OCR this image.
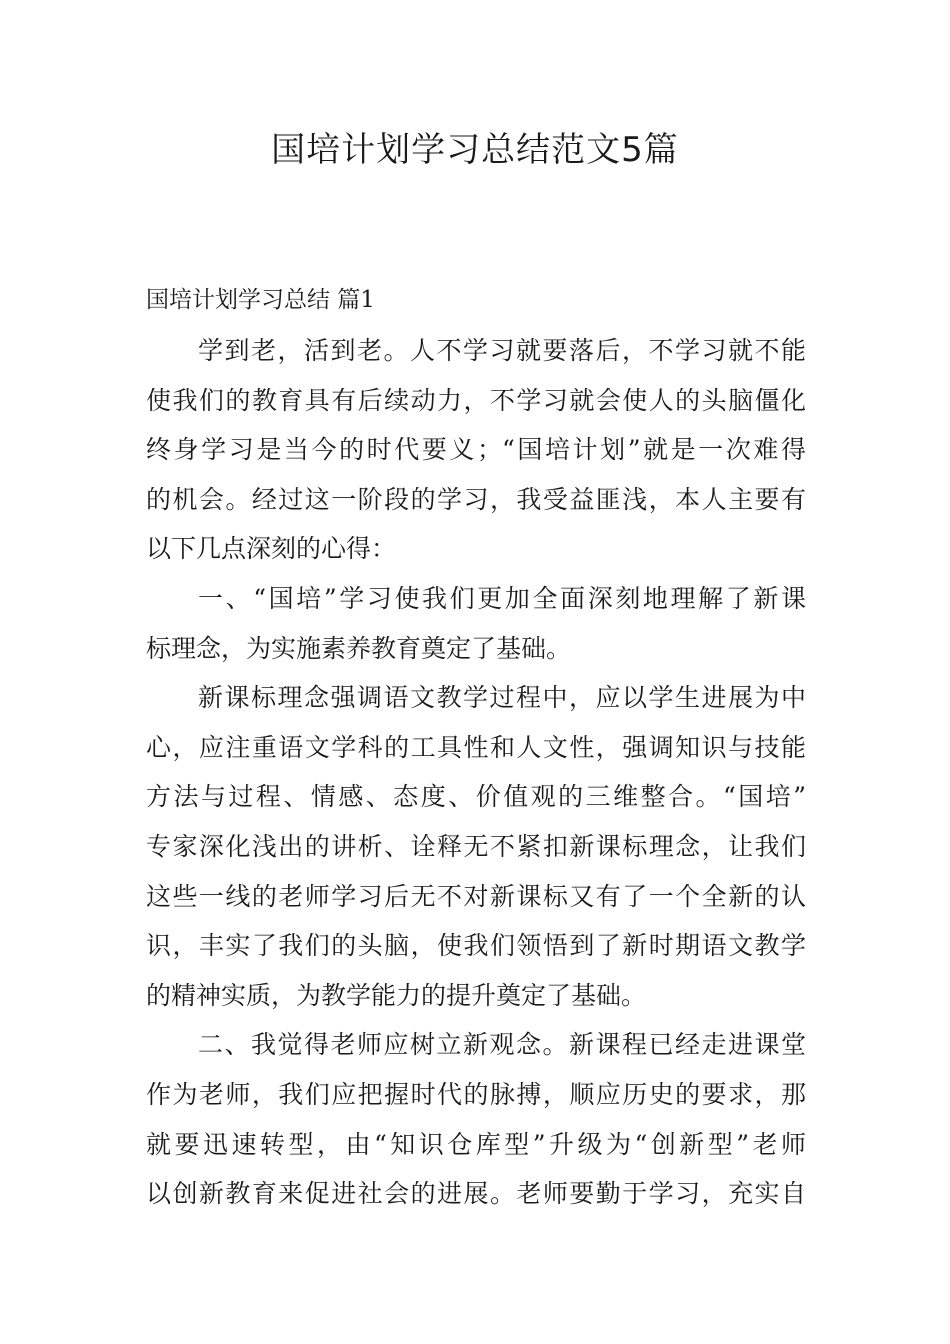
国培计划学习总结范文5篇
国培计划学习总结 篇1
学到老，活到老。人不学习就要落后，不学习就不能
使我们的教育具有后续动力，不学习就会使人的头脑僵化
终身学习是当今的时代要义；“国培计划”就是一次难得
的机会。经过这一阶段的学习，我受益匪浅，本人主要有
以下几点深刻的心得：
一、“国培”学习使我们更加全面深刻地理解了新课
标理念，为实施素养教育奠定了基础。
新课标理念强调语文教学过程中，应以学生进展为中
心，应注重语文学科的工具性和人文性，强调知识与技能
方法与过程、情感、态度、价值观的三维整合。“国培”
专家深化浅出的讲析、诠释无不紧扣新课标理念，让我们
这些一线的老师学习后无不对新课标又有了一个全新的认
识，丰实了我们的头脑，使我们领悟到了新时期语文教学
的精神实质，为教学能力的提升奠定了基础。
二、我觉得老师应树立新观念。新课程已经走进课堂
作为老师，我们应把握时代的脉搏，顺应历史的要求，那
就要迅速转型，由“知识仓库型”升级为“创新型”老师
以创新教育来促进社会的进展。老师要勤于学习，充实自
